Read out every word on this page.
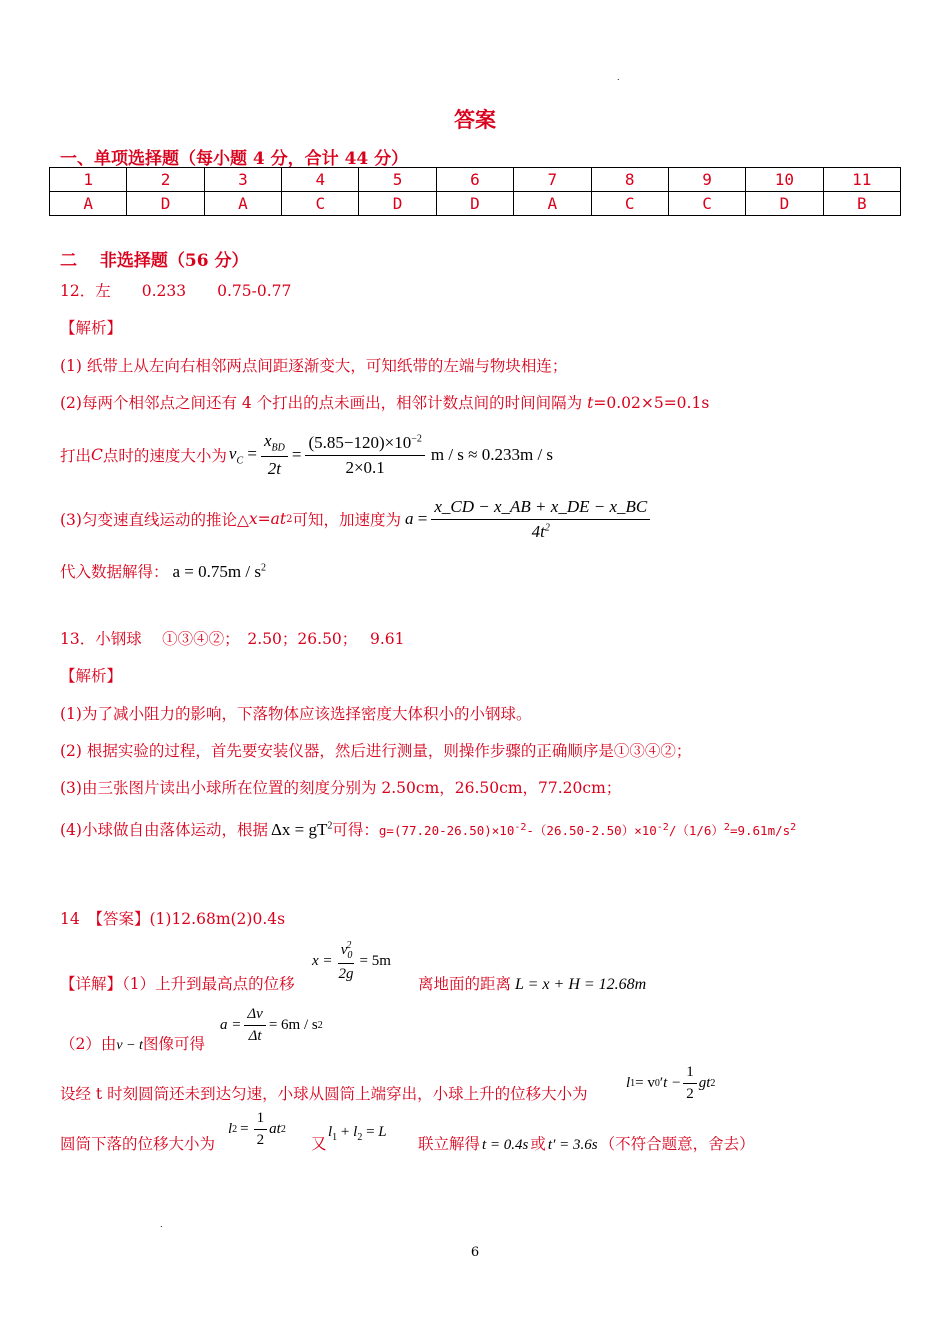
.
答案
一、单项选择题（每小题 4 分，合计 44 分）
1	2	3	4	5	6	7	8	9	10	11
A	D	A	C	D	D	A	C	C	D	B
二　 非选择题（56 分）
12．左　　0.233　　0.75-0.77
【解析】
(1) 纸带上从左向右相邻两点间距逐渐变大，可知纸带的左端与物块相连；
(2)每两个相邻点之间还有 4 个打出的点未画出，相邻计数点间的时间间隔为 t=0.02×5=0.1s
打出 C 点时的速度大小为 $v_C = \frac{x_{BD}}{2t} = \frac{(5.85-120)\times 10^{-2}}{2\times 0.1}$ m / s ≈ 0.233m / s
(3)匀变速直线运动的推论△ x = at 2 可知，加速度为 $a = \frac{x\_CD - x\_AB + x\_DE - x\_BC}{4t^2}$
代入数据解得： $a = 0.75m / s^2$
13．小钢球　 ①③④②；　2.50；26.50；　 9.61
【解析】
(1)为了减小阻力的影响，下落物体应该选择密度大体积小的小钢球。
(2) 根据实验的过程，首先要安装仪器，然后进行测量，则操作步骤的正确顺序是①③④②；
(3)由三张图片读出小球所在位置的刻度分别为 2.50cm，26.50cm，77.20cm；
(4)小球做自由落体运动，根据 $\Delta x = gT^2$可得：$g=(77.20-26.50)\times 10^{-2}-(26.50-2.50)\times 10^{-2}/(1/6)^2=9.61m/s^2$
14　【答案】(1)12.68m(2)0.4s
【详解】（1）上升到最高点的位移
$x = \frac{v_0^2}{2g} = 5m$
离地面的距离 L = x + H = 12.68m
$a = \frac{\Delta v}{\Delta t} = 6m / s$ 2
（2）由v − t图像可得
l 1 = v 0 ′ $t - \frac{1}{2}$ gt 2
设经 t 时刻圆筒还未到达匀速，小球从圆筒上端穿出，小球上升的位移大小为
l $2 = \frac{1}{2}$ at 2
圆筒下落的位移大小为	又
$l_1 + l_2 = L$
联立解得 t = 0.4s 或 t′ = 3.6s （不符合题意，舍去）
.
6
